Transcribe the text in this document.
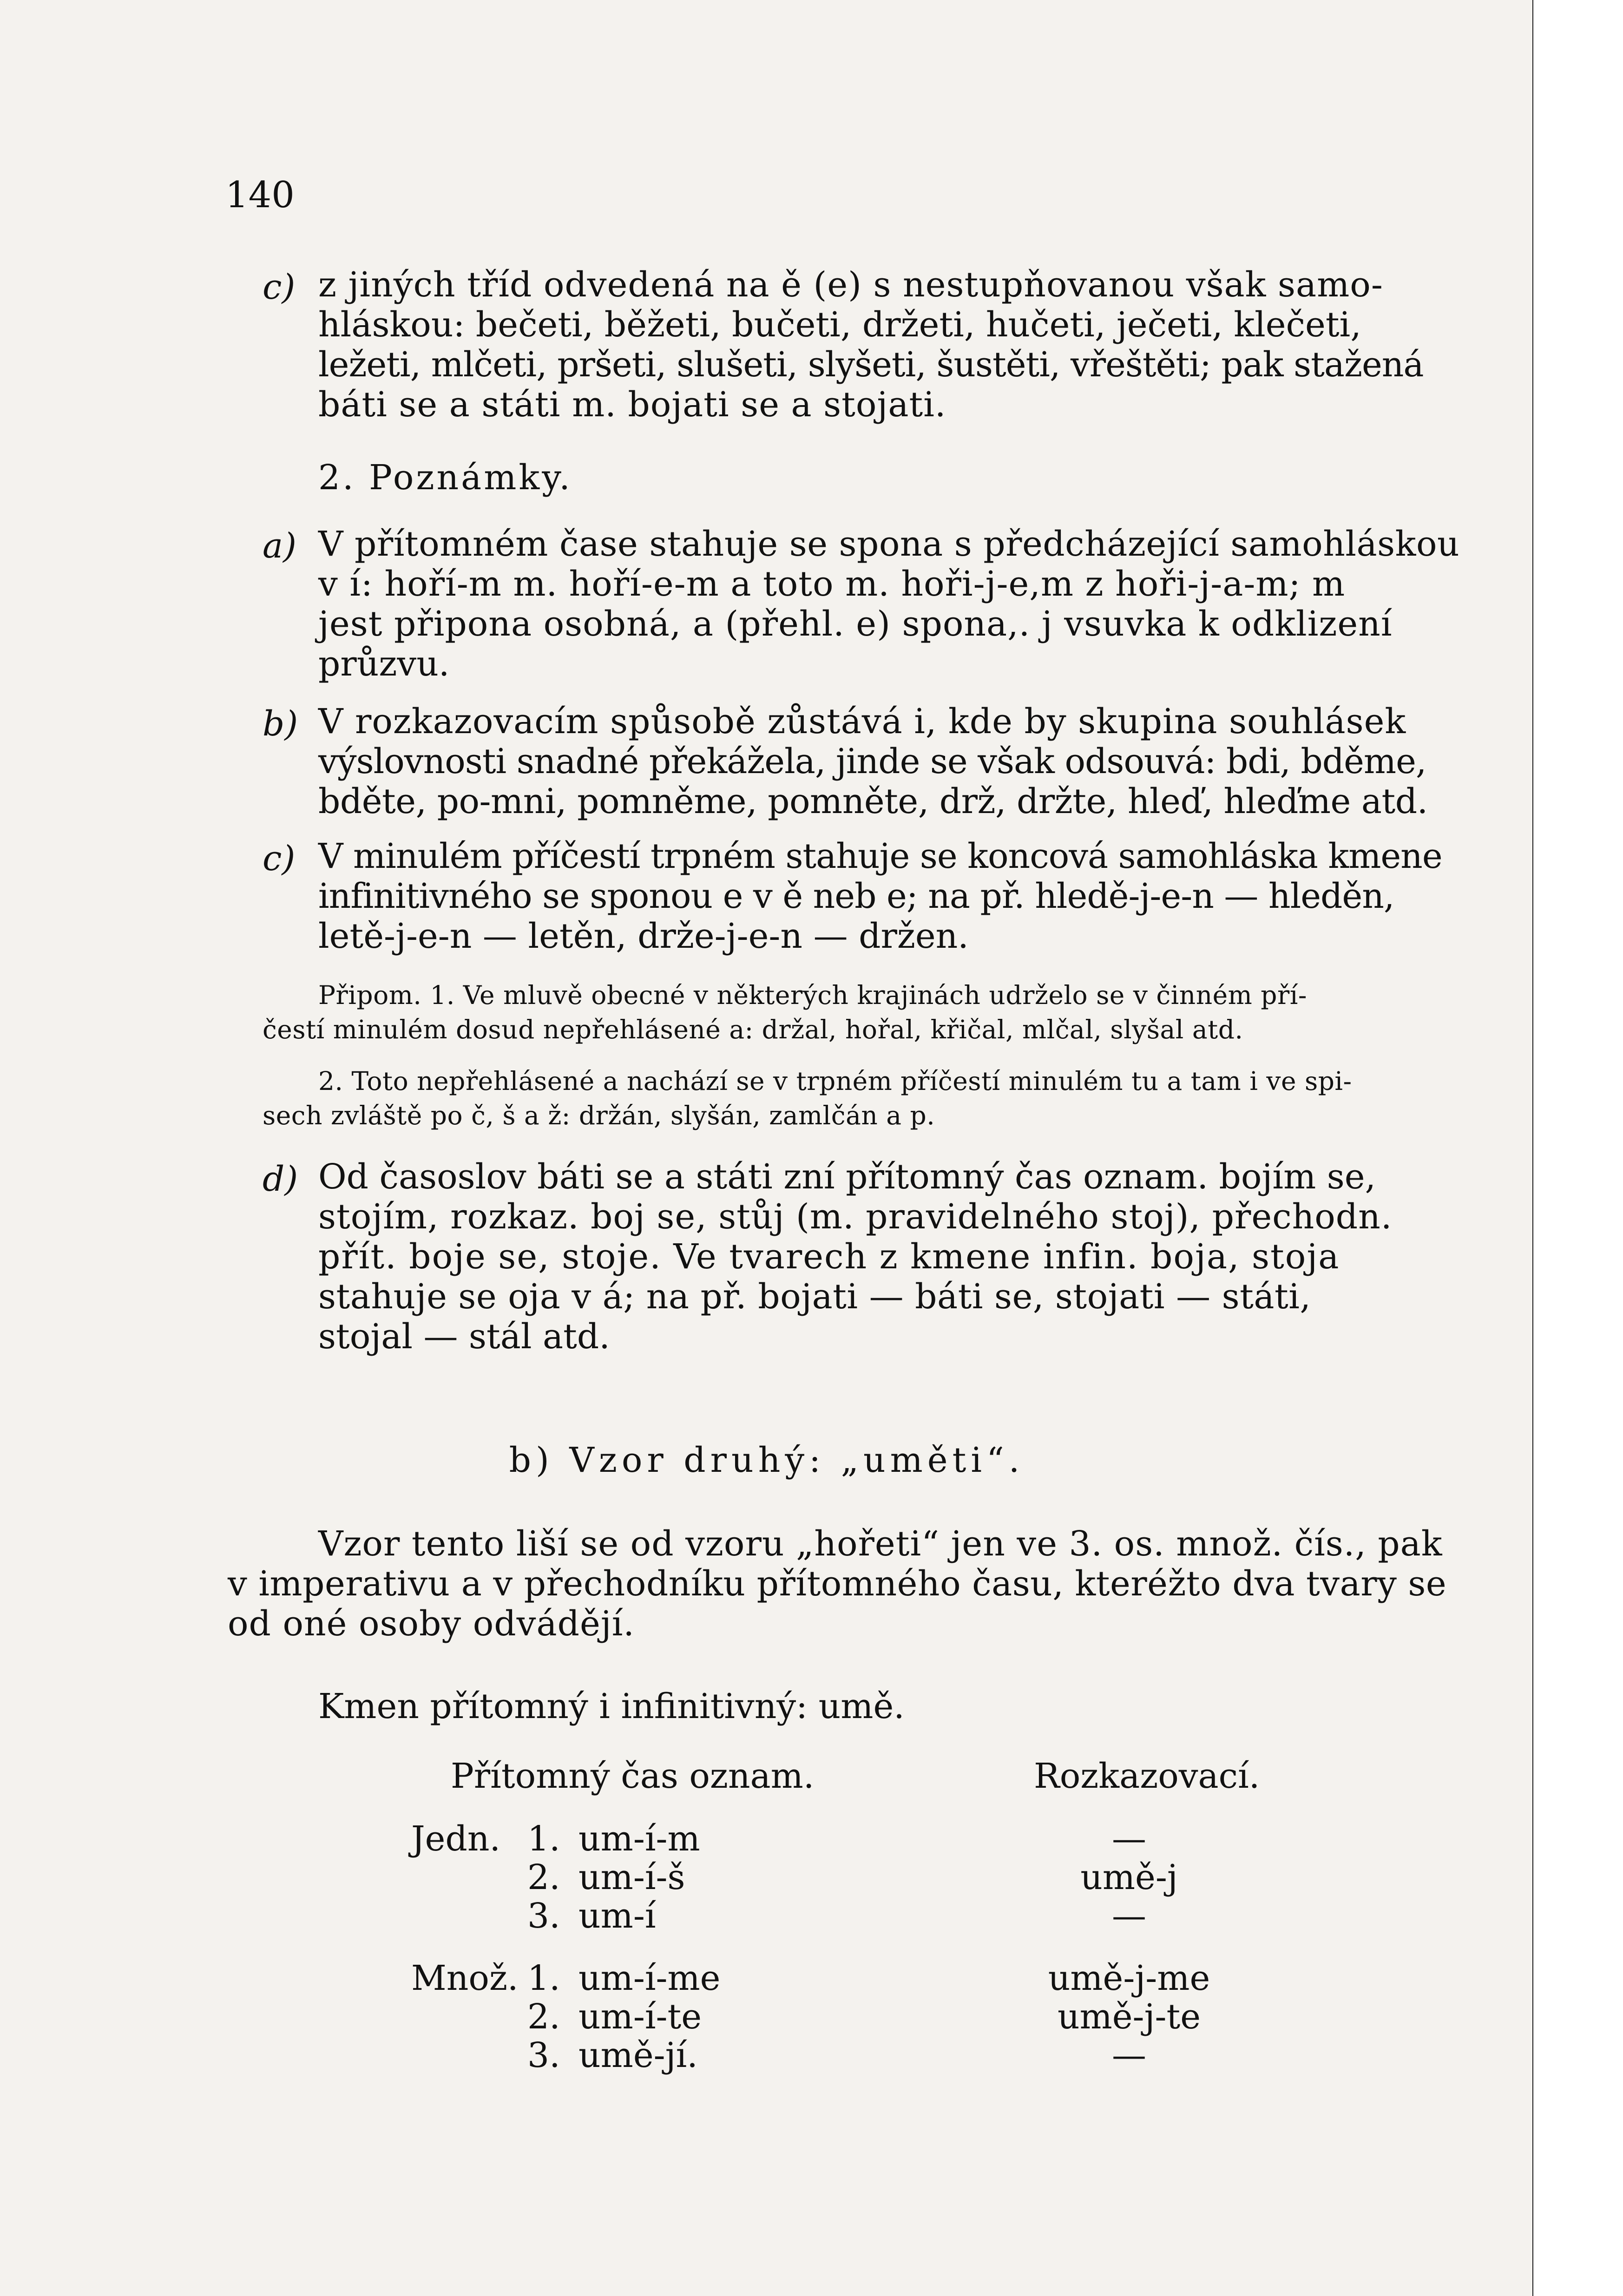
140
c) z jiných tříd odvedená na ě (e) s nestupňovanou však samo-
hláskou: bečeti, běžeti, bučeti, držeti, hučeti, ječeti, klečeti,
ležeti, mlčeti, pršeti, slušeti, slyšeti, šustěti, vřeštěti; pak stažená
báti se a státi m. bojati se a stojati.
2. Poznámky.
a) V přítomném čase stahuje se spona s předcházející samohláskou
v í: hoří-m m. hoří-e-m a toto m. hoři-j-e,m z hoři-j-a-m; m
jest připona osobná, a (přehl. e) spona,. j vsuvka k odklizení
průzvu.
b) V rozkazovacím spůsobě zůstává i, kde by skupina souhlásek
výslovnosti snadné překážela, jinde se však odsouvá: bdi, bděme,
bděte, po-mni, pomněme, pomněte, drž, držte, hleď, hleďme atd.
c) V minulém příčestí trpném stahuje se koncová samohláska kmene
infinitivného se sponou e v ě neb e; na př. hledě-j-e-n — hleděn,
letě-j-e-n — letěn, drže-j-e-n — držen.
Připom. 1. Ve mluvě obecné v některých krajinách udrželo se v činném pří-
čestí minulém dosud nepřehlásené a: držal, hořal, křičal, mlčal, slyšal atd.
2. Toto nepřehlásené a nachází se v trpném příčestí minulém tu a tam i ve spi-
sech zvláště po č, š a ž: držán, slyšán, zamlčán a p.
d) Od časoslov báti se a státi zní přítomný čas oznam. bojím se,
stojím, rozkaz. boj se, stůj (m. pravidelného stoj), přechodn.
přít. boje se, stoje. Ve tvarech z kmene infin. boja, stoja
stahuje se oja v á; na př. bojati — báti se, stojati — státi,
stojal — stál atd.
b) Vzor druhý: „uměti“.
Vzor tento liší se od vzoru „hořeti“ jen ve 3. os. množ. čís., pak
v imperativu a v přechodníku přítomného času, kteréžto dva tvary se
od oné osoby odvádějí.
Kmen přítomný i infinitivný: umě.
Přítomný čas oznam.	Rozkazovací.
Jedn. 1. um-í-m	—
2. um-í-š	umě-j
3. um-í	—
Množ. 1. um-í-me	umě-j-me
2. um-í-te	umě-j-te
3. umě-jí.	—
